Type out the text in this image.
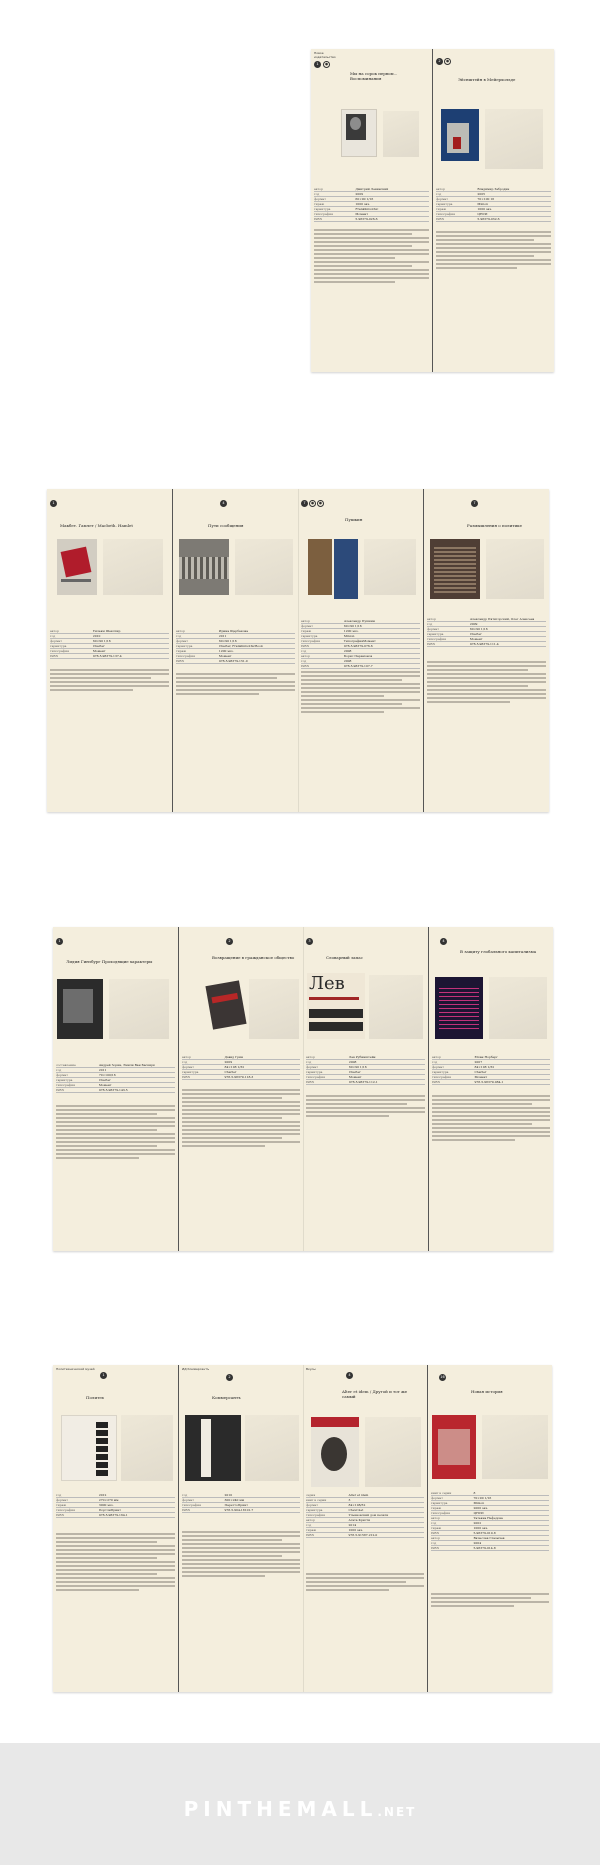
Новое издательство
1 ●
Мы на сорок первом... Воспоминания
автор	Дмитрий Левинский
год	2009
формат	60×90 1/16
тираж	1000 экз.
гарнитура	FranklinGothic
типография	Момент
ISBN	5-98379-026-6
2 ●
Эйснштейн в Мейерхольде
автор	Владимир Забродин
год	2005
формат	70×100 16
гарнитура	Minion
тираж	1000 экз.
типография	ЦНСИ
ISBN	5-98379-032-6
1
Макбет. Гамлет / Macbeth. Hamlet
автор	Уильям Шекспир
год	2010
формат	60×90 1/16
гарнитура	Charter
типография	Момент
ISBN	978-5-98379-137-4
4
Пути сообщения
автор	Ирина Щербакова
год	2011
формат	60×90 1/16
гарнитура	Charter, FranklinGothicBook
тираж	1200 экз.
типография	Момент
ISBN	978-5-98379-151-0
7 ● ●
Пушкин
автор	Александр Пушкин
формат	60×90 1/16
тираж	1200 экз.
гарнитура	Minion
типография	ТипографияМомент
ISBN	978-5-98379-076-6
год	2008
автор	Борис Парамонов
год	2008
ISBN	978-5-98379-107-7
7
Размышления о политике
автор	Александр Пятигорский, Олег Алексеев
год	2009
формат	60×90 1/16
гарнитура	Charter
типография	Момент
ISBN	978-5-98379-111-4
1
Лидия Гинзбург Проходящие характеры
составление	Андрей Зорин, Эмили Ван Баскирк
год	2011
формат	70×100/16
гарнитура	Charter
типография	Момент
ISBN	978-5-98379-143-5
2
Возвращение в гражданское общество
автор	Дэвид Грин
год	2009
формат	84×108 1/32
гарнитура	Charter
ISBN	978-5-98379-118-3
3
Словарный запас
Лев
автор	Лев Рубинштейн
год	2008
формат	60×90 1/16
гарнитура	Charter
типография	Момент
ISBN	978-5-98379-112-1
4
В защиту глобального капитализма
автор	Юхан Норберг
год	2007
формат	84×108 1/32
гарнитура	Charter
типография	Момент
ISBN	978-5-98379-084-1
Политехнический музей
1
Политех
год	2012
формат	270×270 мм
тираж	3000 экз.
типография	ПортлиПринт
ISBN	978-5-98379-164-1
ИД Коммерсантъ
2
Коммерсантъ
год	2010
формат	300×240 мм
типография	ПареттоПринт
ISBN	978-5-904-18101-7
Вкусы
4
Alter et idem / Другой и тот же самый
серия	Alter et idem
книг в серии	3
формат	84×108/32
гарнитура	Chevrolet
типография	Ульяновский дом печати
автор	Агата Кристи
год	2014
тираж	1000 экз.
ISBN	978-5-91587-212-0
16
Новая история
книг в серии	8
формат	70×90 1/16
гарнитура	Minion
тираж	2000 экз.
типография	ЦНСИ
автор	Татьяна Нефедова
год	2002
тираж	1000 экз.
ISBN	5-98379-010-8
автор	Вячеслав Глазычев
год	2004
ISBN	5-98379-014-8
PINTHEMALL.NET
